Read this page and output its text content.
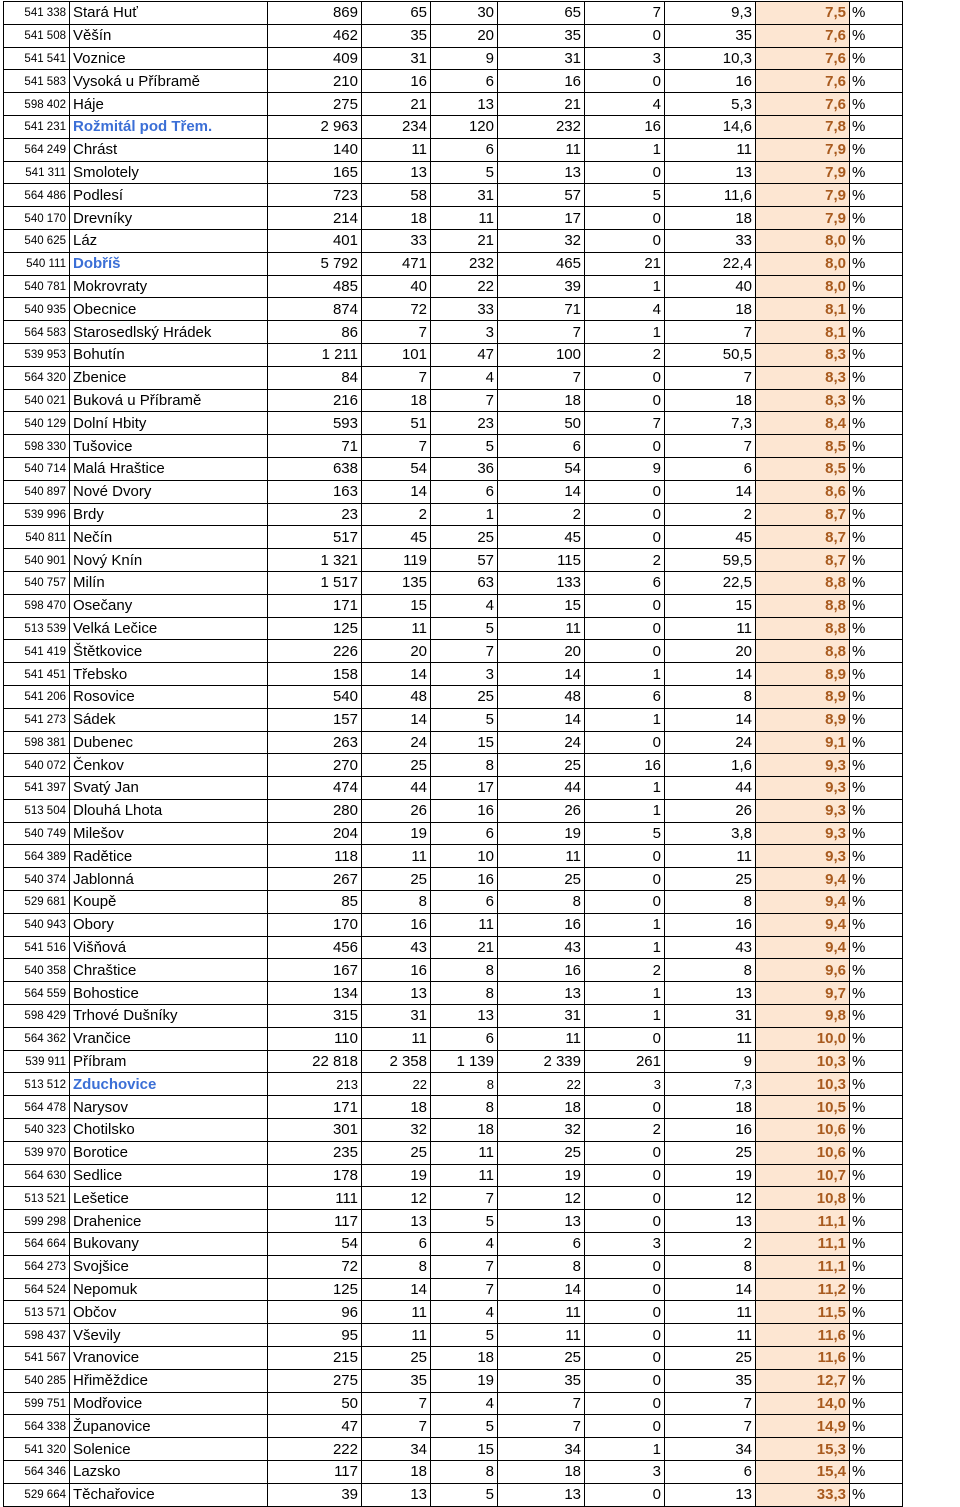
541 338	Stará Huť	869	65	30	65	7	9,3	7,5	%
541 508	Věšín	462	35	20	35	0	35	7,6	%
541 541	Voznice	409	31	9	31	3	10,3	7,6	%
541 583	Vysoká u Příbramě	210	16	6	16	0	16	7,6	%
598 402	Háje	275	21	13	21	4	5,3	7,6	%
541 231	Rožmitál pod Třem.	2 963	234	120	232	16	14,6	7,8	%
564 249	Chrást	140	11	6	11	1	11	7,9	%
541 311	Smolotely	165	13	5	13	0	13	7,9	%
564 486	Podlesí	723	58	31	57	5	11,6	7,9	%
540 170	Drevníky	214	18	11	17	0	18	7,9	%
540 625	Láz	401	33	21	32	0	33	8,0	%
540 111	Dobříš	5 792	471	232	465	21	22,4	8,0	%
540 781	Mokrovraty	485	40	22	39	1	40	8,0	%
540 935	Obecnice	874	72	33	71	4	18	8,1	%
564 583	Starosedlský Hrádek	86	7	3	7	1	7	8,1	%
539 953	Bohutín	1 211	101	47	100	2	50,5	8,3	%
564 320	Zbenice	84	7	4	7	0	7	8,3	%
540 021	Buková u Příbramě	216	18	7	18	0	18	8,3	%
540 129	Dolní Hbity	593	51	23	50	7	7,3	8,4	%
598 330	Tušovice	71	7	5	6	0	7	8,5	%
540 714	Malá Hraštice	638	54	36	54	9	6	8,5	%
540 897	Nové Dvory	163	14	6	14	0	14	8,6	%
539 996	Brdy	23	2	1	2	0	2	8,7	%
540 811	Nečín	517	45	25	45	0	45	8,7	%
540 901	Nový Knín	1 321	119	57	115	2	59,5	8,7	%
540 757	Milín	1 517	135	63	133	6	22,5	8,8	%
598 470	Osečany	171	15	4	15	0	15	8,8	%
513 539	Velká Lečice	125	11	5	11	0	11	8,8	%
541 419	Štětkovice	226	20	7	20	0	20	8,8	%
541 451	Třebsko	158	14	3	14	1	14	8,9	%
541 206	Rosovice	540	48	25	48	6	8	8,9	%
541 273	Sádek	157	14	5	14	1	14	8,9	%
598 381	Dubenec	263	24	15	24	0	24	9,1	%
540 072	Čenkov	270	25	8	25	16	1,6	9,3	%
541 397	Svatý Jan	474	44	17	44	1	44	9,3	%
513 504	Dlouhá Lhota	280	26	16	26	1	26	9,3	%
540 749	Milešov	204	19	6	19	5	3,8	9,3	%
564 389	Radětice	118	11	10	11	0	11	9,3	%
540 374	Jablonná	267	25	16	25	0	25	9,4	%
529 681	Koupě	85	8	6	8	0	8	9,4	%
540 943	Obory	170	16	11	16	1	16	9,4	%
541 516	Višňová	456	43	21	43	1	43	9,4	%
540 358	Chraštice	167	16	8	16	2	8	9,6	%
564 559	Bohostice	134	13	8	13	1	13	9,7	%
598 429	Trhové Dušníky	315	31	13	31	1	31	9,8	%
564 362	Vrančice	110	11	6	11	0	11	10,0	%
539 911	Příbram	22 818	2 358	1 139	2 339	261	9	10,3	%
513 512	Zduchovice	213	22	8	22	3	7,3	10,3	%
564 478	Narysov	171	18	8	18	0	18	10,5	%
540 323	Chotilsko	301	32	18	32	2	16	10,6	%
539 970	Borotice	235	25	11	25	0	25	10,6	%
564 630	Sedlice	178	19	11	19	0	19	10,7	%
513 521	Lešetice	111	12	7	12	0	12	10,8	%
599 298	Drahenice	117	13	5	13	0	13	11,1	%
564 664	Bukovany	54	6	4	6	3	2	11,1	%
564 273	Svojšice	72	8	7	8	0	8	11,1	%
564 524	Nepomuk	125	14	7	14	0	14	11,2	%
513 571	Občov	96	11	4	11	0	11	11,5	%
598 437	Vševily	95	11	5	11	0	11	11,6	%
541 567	Vranovice	215	25	18	25	0	25	11,6	%
540 285	Hřiměždice	275	35	19	35	0	35	12,7	%
599 751	Modřovice	50	7	4	7	0	7	14,0	%
564 338	Županovice	47	7	5	7	0	7	14,9	%
541 320	Solenice	222	34	15	34	1	34	15,3	%
564 346	Lazsko	117	18	8	18	3	6	15,4	%
529 664	Těchařovice	39	13	5	13	0	13	33,3	%
